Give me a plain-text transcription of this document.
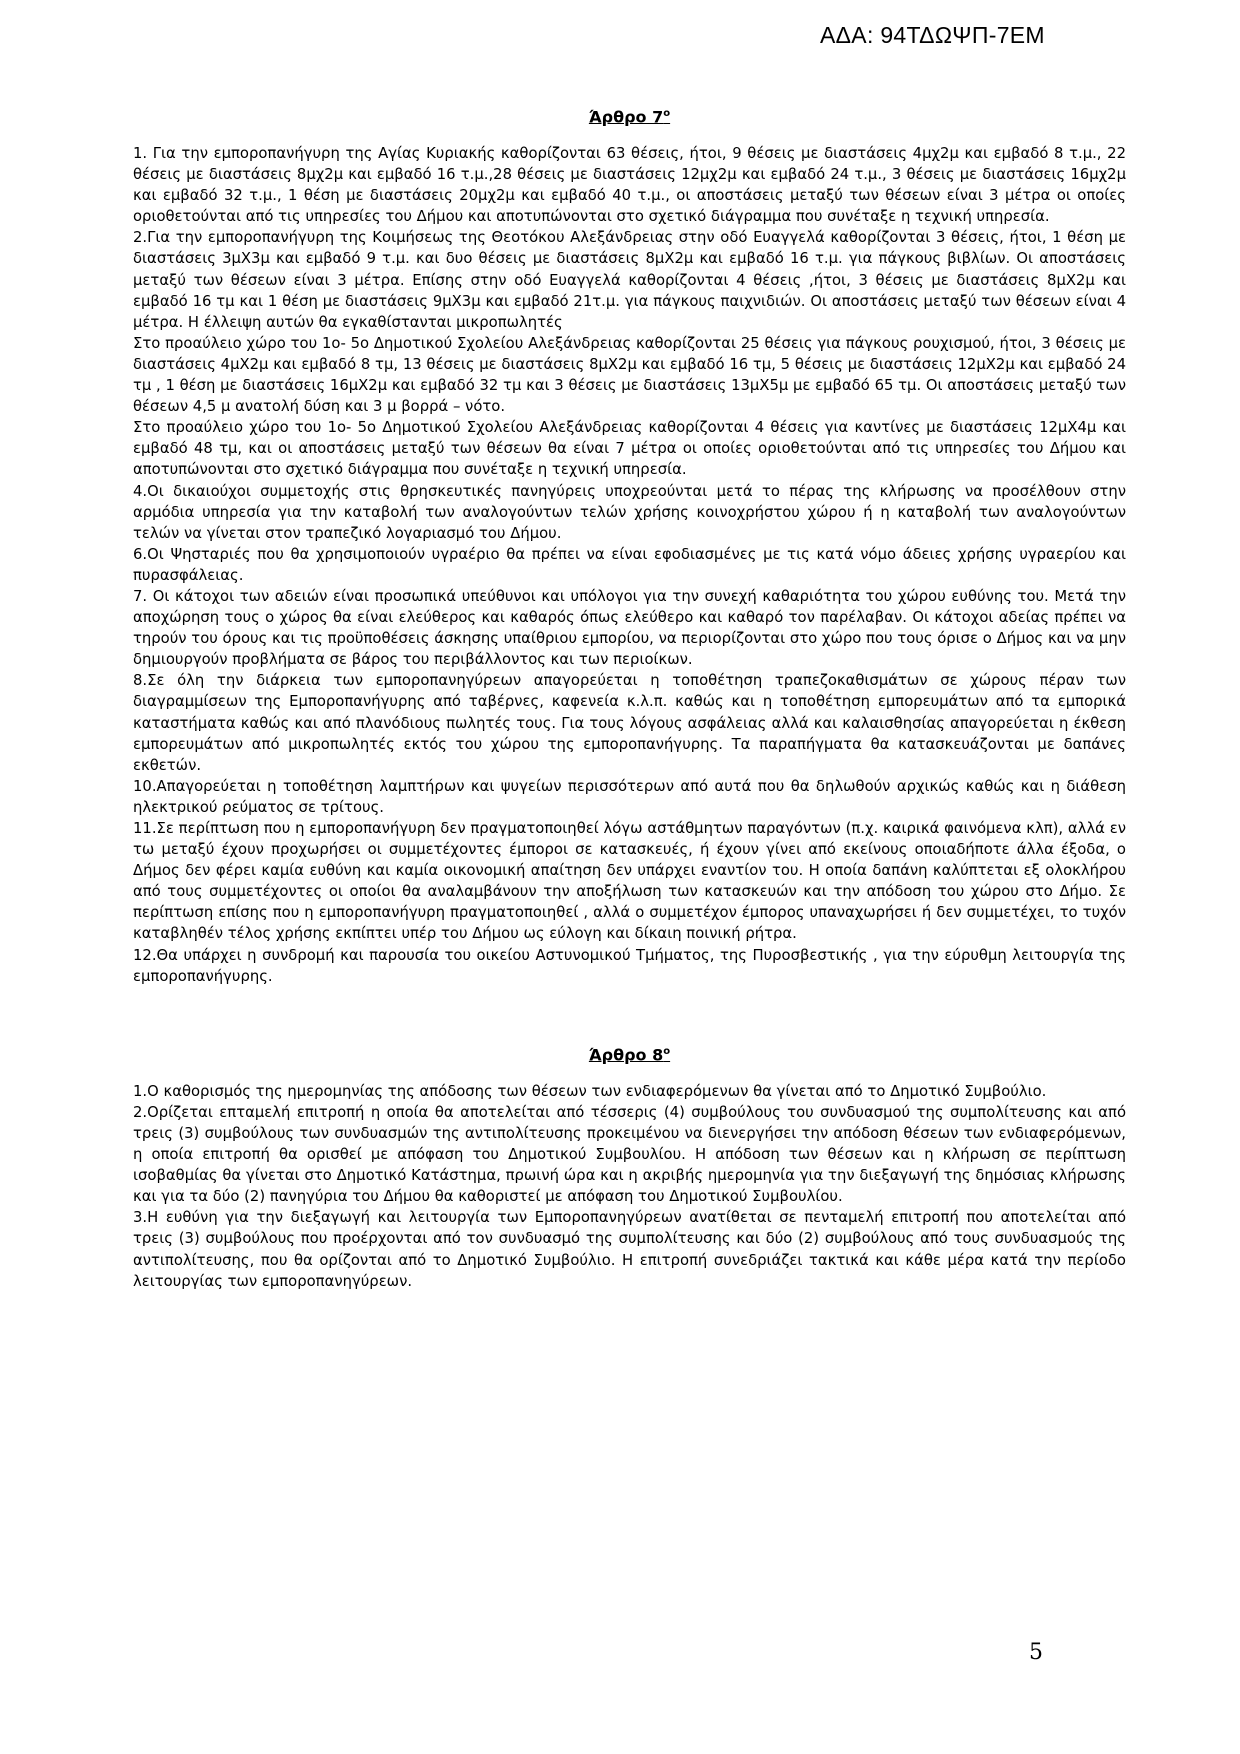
ΑΔΑ: 94ΤΔΩΨΠ-7ΕΜ
Άρθρο $7^o$

1. Για την εμποροπανήγυρη της Αγίας Κυριακής καθορίζονται 63 θέσεις, ήτοι, 9 θέσεις με διαστάσεις 4μχ2μ και εμβαδό 8 τ.μ., 22 θέσεις με διαστάσεις 8μχ2μ και εμβαδό 16 τ.μ.,28 θέσεις με διαστάσεις 12μχ2μ και εμβαδό 24 τ.μ., 3 θέσεις με διαστάσεις 16μχ2μ και εμβαδό 32 τ.μ., 1 θέση με διαστάσεις 20μχ2μ και εμβαδό 40 τ.μ., οι αποστάσεις μεταξύ των θέσεων είναι 3 μέτρα οι οποίες οριοθετούνται από τις υπηρεσίες του Δήμου και αποτυπώνονται στο σχετικό διάγραμμα που συνέταξε η τεχνική υπηρεσία.

2.Για την εμποροπανήγυρη της Κοιμήσεως της Θεοτόκου Αλεξάνδρειας στην οδό Ευαγγελά καθορίζονται 3 θέσεις, ήτοι, 1 θέση με διαστάσεις 3μΧ3μ και εμβαδό 9 τ.μ. και δυο θέσεις με διαστάσεις 8μΧ2μ και εμβαδό 16 τ.μ. για πάγκους βιβλίων. Οι αποστάσεις μεταξύ των θέσεων είναι 3 μέτρα. Επίσης στην οδό Ευαγγελά καθορίζονται 4 θέσεις ,ήτοι, 3 θέσεις με διαστάσεις 8μΧ2μ και εμβαδό 16 τμ και 1 θέση με διαστάσεις 9μΧ3μ και εμβαδό 21τ.μ. για πάγκους παιχνιδιών. Οι αποστάσεις μεταξύ των θέσεων είναι 4 μέτρα. Η έλλειψη αυτών θα εγκαθίστανται μικροπωλητές

Στο προαύλειο χώρο του 1ο- 5ο Δημοτικού Σχολείου Αλεξάνδρειας καθορίζονται 25 θέσεις για πάγκους ρουχισμού, ήτοι, 3 θέσεις με διαστάσεις 4μΧ2μ και εμβαδό 8 τμ, 13 θέσεις με διαστάσεις 8μΧ2μ και εμβαδό 16 τμ, 5 θέσεις με διαστάσεις 12μΧ2μ και εμβαδό 24 τμ , 1 θέση με διαστάσεις 16μΧ2μ και εμβαδό 32 τμ και 3 θέσεις με διαστάσεις 13μΧ5μ με εμβαδό 65 τμ. Οι αποστάσεις μεταξύ των θέσεων 4,5 μ ανατολή δύση και 3 μ βορρά – νότο.

Στο προαύλειο χώρο του 1ο- 5ο Δημοτικού Σχολείου Αλεξάνδρειας καθορίζονται 4 θέσεις για καντίνες με διαστάσεις 12μΧ4μ και εμβαδό 48 τμ, και οι αποστάσεις μεταξύ των θέσεων θα είναι 7 μέτρα οι οποίες οριοθετούνται από τις υπηρεσίες του Δήμου και αποτυπώνονται στο σχετικό διάγραμμα που συνέταξε η τεχνική υπηρεσία.

4.Οι δικαιούχοι συμμετοχής στις θρησκευτικές πανηγύρεις υποχρεούνται μετά το πέρας της κλήρωσης να προσέλθουν στην αρμόδια υπηρεσία για την καταβολή των αναλογούντων τελών χρήσης κοινοχρήστου χώρου ή η καταβολή των αναλογούντων τελών να γίνεται στον τραπεζικό λογαριασμό του Δήμου.

6.Οι Ψησταριές που θα χρησιμοποιούν υγραέριο θα πρέπει να είναι εφοδιασμένες με τις κατά νόμο άδειες χρήσης υγραερίου και πυρασφάλειας.

7. Οι κάτοχοι των αδειών είναι προσωπικά υπεύθυνοι και υπόλογοι για την συνεχή καθαριότητα του χώρου ευθύνης του. Μετά την αποχώρηση τους ο χώρος θα είναι ελεύθερος και καθαρός όπως ελεύθερο και καθαρό τον παρέλαβαν. Οι κάτοχοι αδείας πρέπει να τηρούν του όρους και τις προϋποθέσεις άσκησης υπαίθριου εμπορίου, να περιορίζονται στο χώρο που τους όρισε ο Δήμος και να μην δημιουργούν προβλήματα σε βάρος του περιβάλλοντος και των περιοίκων.

8.Σε όλη την διάρκεια των εμποροπανηγύρεων απαγορεύεται η τοποθέτηση τραπεζοκαθισμάτων σε χώρους πέραν των διαγραμμίσεων της Εμποροπανήγυρης από ταβέρνες, καφενεία κ.λ.π. καθώς και η τοποθέτηση εμπορευμάτων από τα εμπορικά καταστήματα καθώς και από πλανόδιους πωλητές τους. Για τους λόγους ασφάλειας αλλά και καλαισθησίας απαγορεύεται η έκθεση εμπορευμάτων από μικροπωλητές εκτός του χώρου της εμποροπανήγυρης. Τα παραπήγματα θα κατασκευάζονται με δαπάνες εκθετών.

10.Απαγορεύεται η τοποθέτηση λαμπτήρων και ψυγείων περισσότερων από αυτά που θα δηλωθούν αρχικώς καθώς και η διάθεση ηλεκτρικού ρεύματος σε τρίτους.

11.Σε περίπτωση που η εμποροπανήγυρη δεν πραγματοποιηθεί λόγω αστάθμητων παραγόντων (π.χ. καιρικά φαινόμενα κλπ), αλλά εν τω μεταξύ έχουν προχωρήσει οι συμμετέχοντες έμποροι σε κατασκευές, ή έχουν γίνει από εκείνους οποιαδήποτε άλλα έξοδα, ο Δήμος δεν φέρει καμία ευθύνη και καμία οικονομική απαίτηση δεν υπάρχει εναντίον του. Η οποία δαπάνη καλύπτεται εξ ολοκλήρου από τους συμμετέχοντες οι οποίοι θα αναλαμβάνουν την αποξήλωση των κατασκευών και την απόδοση του χώρου στο Δήμο. Σε περίπτωση επίσης που η εμποροπανήγυρη πραγματοποιηθεί , αλλά ο συμμετέχον έμπορος υπαναχωρήσει ή δεν συμμετέχει, το τυχόν καταβληθέν τέλος χρήσης εκπίπτει υπέρ του Δήμου ως εύλογη και δίκαιη ποινική ρήτρα.

12.Θα υπάρχει η συνδρομή και παρουσία του οικείου Αστυνομικού Τμήματος, της Πυροσβεστικής , για την εύρυθμη λειτουργία της εμποροπανήγυρης.

Άρθρο $8^o$

1.Ο καθορισμός της ημερομηνίας της απόδοσης των θέσεων των ενδιαφερόμενων θα γίνεται από το Δημοτικό Συμβούλιο.

2.Ορίζεται επταμελή επιτροπή η οποία θα αποτελείται από τέσσερις (4) συμβούλους του συνδυασμού της συμπολίτευσης και από τρεις (3) συμβούλους των συνδυασμών της αντιπολίτευσης προκειμένου να διενεργήσει την απόδοση θέσεων των ενδιαφερόμενων, η οποία επιτροπή θα ορισθεί με απόφαση του Δημοτικού Συμβουλίου. Η απόδοση των θέσεων και η κλήρωση σε περίπτωση ισοβαθμίας θα γίνεται στο Δημοτικό Κατάστημα, πρωινή ώρα και η ακριβής ημερομηνία για την διεξαγωγή της δημόσιας κλήρωσης και για τα δύο (2) πανηγύρια του Δήμου θα καθοριστεί με απόφαση του Δημοτικού Συμβουλίου.

3.Η ευθύνη για την διεξαγωγή και λειτουργία των Εμποροπανηγύρεων ανατίθεται σε πενταμελή επιτροπή που αποτελείται από τρεις (3) συμβούλους που προέρχονται από τον συνδυασμό της συμπολίτευσης και δύο (2) συμβούλους από τους συνδυασμούς της αντιπολίτευσης, που θα ορίζονται από το Δημοτικό Συμβούλιο. Η επιτροπή συνεδριάζει τακτικά και κάθε μέρα κατά την περίοδο λειτουργίας των εμποροπανηγύρεων.

5
